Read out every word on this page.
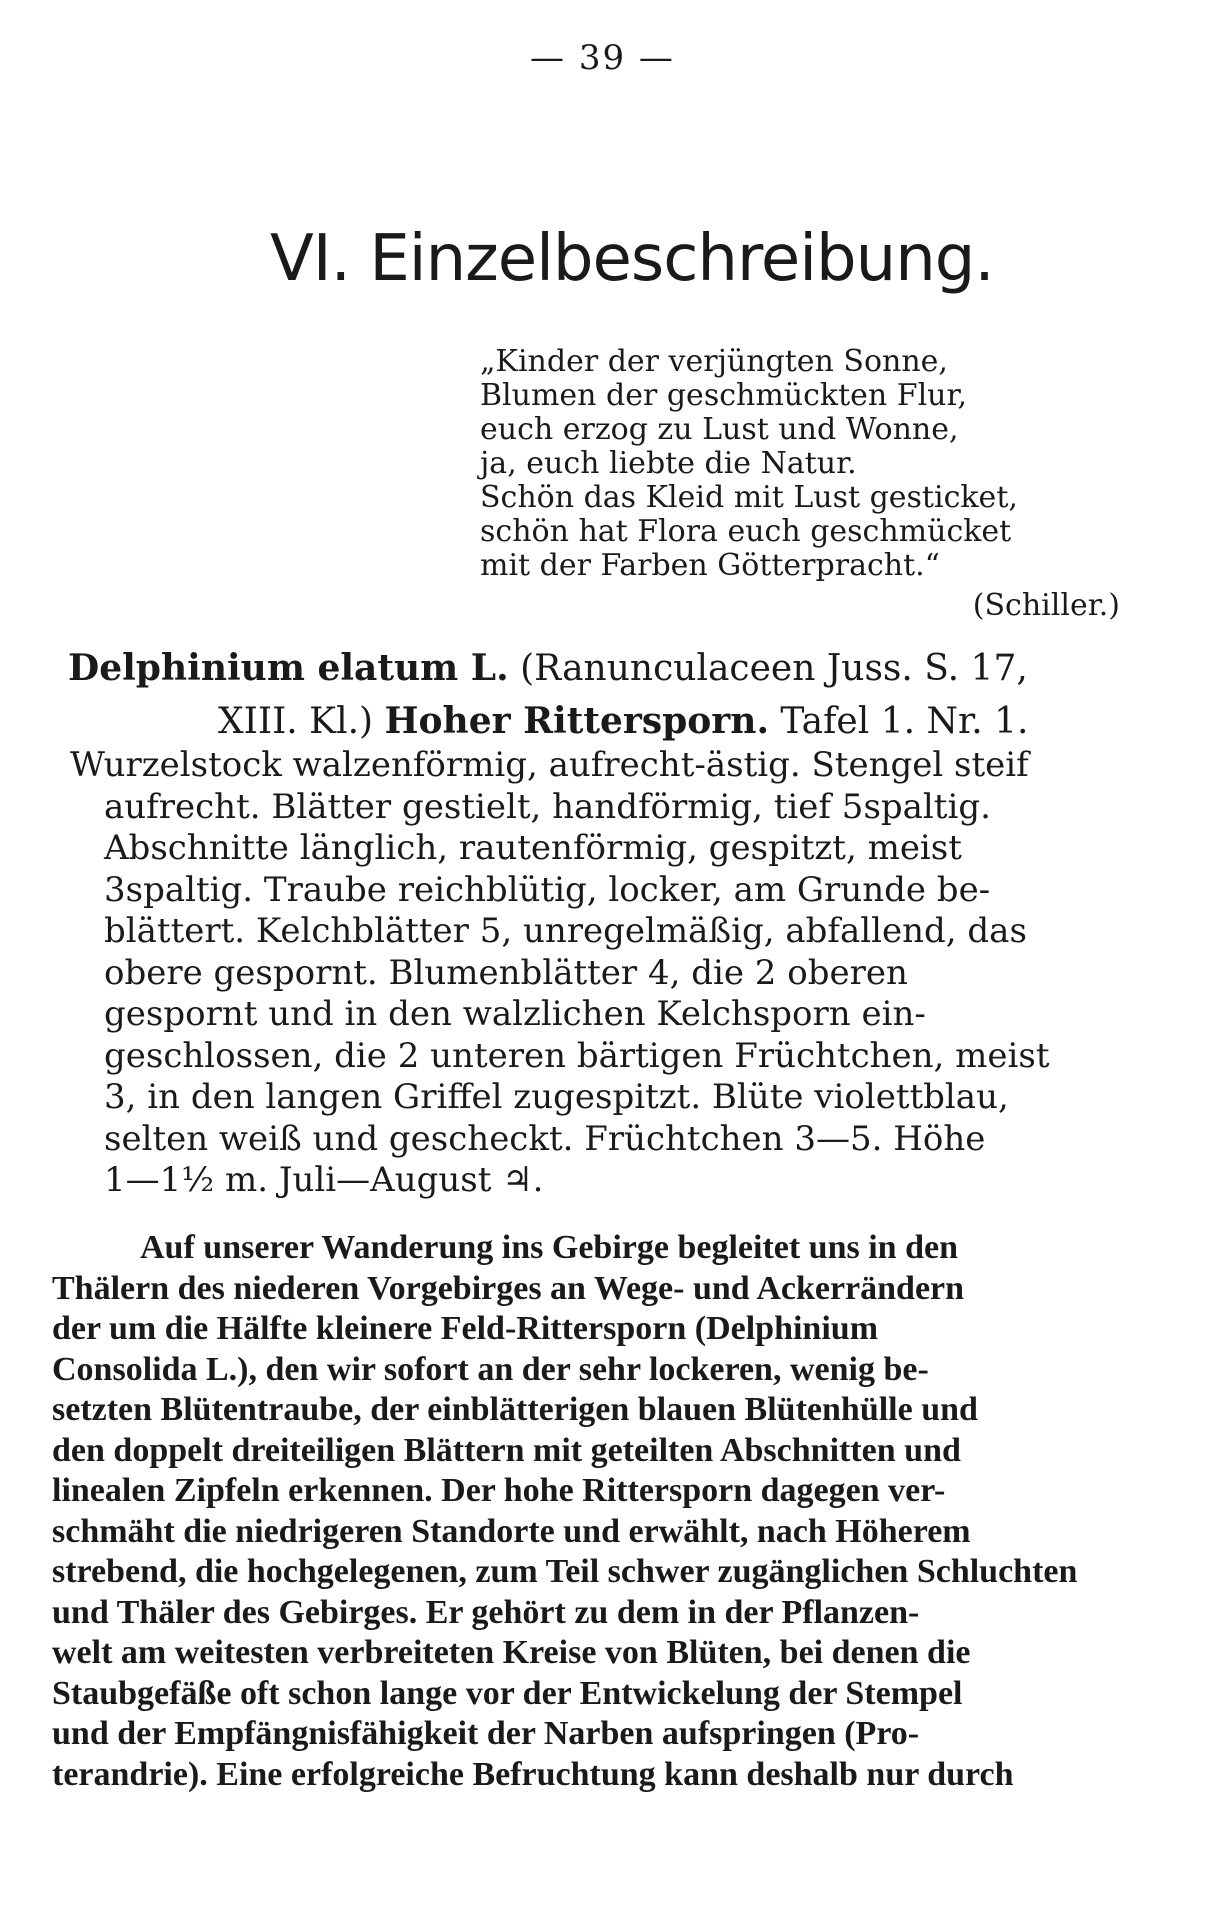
— 39 —
VI. Einzelbeschreibung.
„Kinder der verjüngten Sonne,
Blumen der geschmückten Flur,
euch erzog zu Lust und Wonne,
ja, euch liebte die Natur.
Schön das Kleid mit Lust gesticket,
schön hat Flora euch geschmücket
mit der Farben Götterpracht.“
(Schiller.)
Delphinium elatum L. (Ranunculaceen Juss. S. 17,
XIII. Kl.) Hoher Rittersporn. Tafel 1. Nr. 1.
Wurzelstock walzenförmig, aufrecht-ästig. Stengel steif
aufrecht. Blätter gestielt, handförmig, tief 5spaltig.
Abschnitte länglich, rautenförmig, gespitzt, meist
3spaltig. Traube reichblütig, locker, am Grunde be-
blättert. Kelchblätter 5, unregelmäßig, abfallend, das
obere gespornt. Blumenblätter 4, die 2 oberen
gespornt und in den walzlichen Kelchsporn ein-
geschlossen, die 2 unteren bärtigen Früchtchen, meist
3, in den langen Griffel zugespitzt. Blüte violettblau,
selten weiß und gescheckt. Früchtchen 3—5. Höhe
1—1½ m. Juli—August ♃.
Auf unserer Wanderung ins Gebirge begleitet uns in den
Thälern des niederen Vorgebirges an Wege- und Ackerrändern
der um die Hälfte kleinere Feld-Rittersporn (Delphinium
Consolida L.), den wir sofort an der sehr lockeren, wenig be-
setzten Blütentraube, der einblätterigen blauen Blütenhülle und
den doppelt dreiteiligen Blättern mit geteilten Abschnitten und
linealen Zipfeln erkennen. Der hohe Rittersporn dagegen ver-
schmäht die niedrigeren Standorte und erwählt, nach Höherem
strebend, die hochgelegenen, zum Teil schwer zugänglichen Schluchten
und Thäler des Gebirges. Er gehört zu dem in der Pflanzen-
welt am weitesten verbreiteten Kreise von Blüten, bei denen die
Staubgefäße oft schon lange vor der Entwickelung der Stempel
und der Empfängnisfähigkeit der Narben aufspringen (Pro-
terandrie). Eine erfolgreiche Befruchtung kann deshalb nur durch
